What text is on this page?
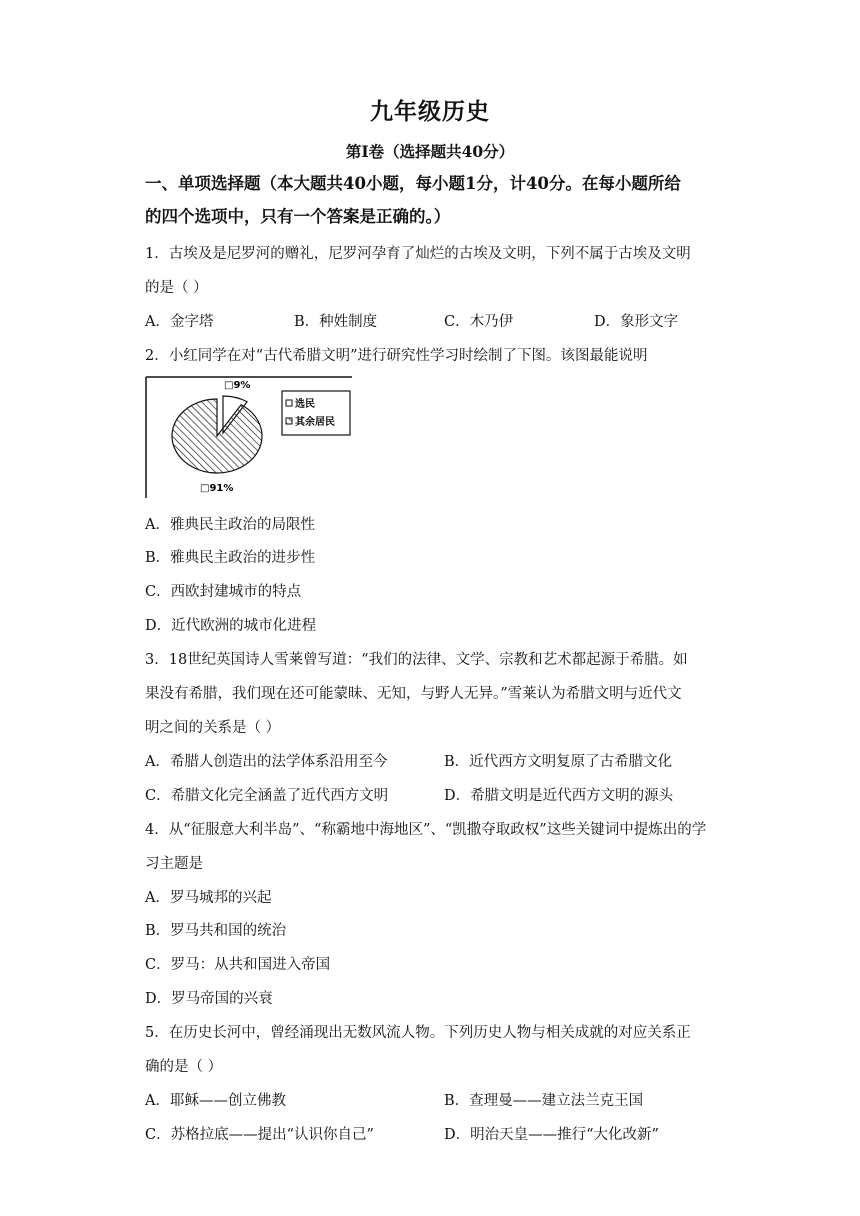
九年级历史
第I卷（选择题共40分）
一、单项选择题（本大题共40小题，每小题1分，计40分。在每小题所给
的四个选项中，只有一个答案是正确的。）
1．古埃及是尼罗河的赠礼，尼罗河孕育了灿烂的古埃及文明，下列不属于古埃及文明
的是（ ）
A．金字塔	B．种姓制度	C．木乃伊	D．象形文字
2．小红同学在对“古代希腊文明”进行研究性学习时绘制了下图。该图最能说明
□9%
□91%
选民
其余居民
A．雅典民主政治的局限性
B．雅典民主政治的进步性
C．西欧封建城市的特点
D．近代欧洲的城市化进程
3．18世纪英国诗人雪莱曾写道：“我们的法律、文学、宗教和艺术都起源于希腊。如
果没有希腊，我们现在还可能蒙昧、无知，与野人无异。”雪莱认为希腊文明与近代文
明之间的关系是（ ）
A．希腊人创造出的法学体系沿用至今	B．近代西方文明复原了古希腊文化
C．希腊文化完全涵盖了近代西方文明	D．希腊文明是近代西方文明的源头
4．从“征服意大利半岛”、“称霸地中海地区”、“凯撒夺取政权”这些关键词中提炼出的学
习主题是
A．罗马城邦的兴起
B．罗马共和国的统治
C．罗马：从共和国进入帝国
D．罗马帝国的兴衰
5．在历史长河中，曾经涌现出无数风流人物。下列历史人物与相关成就的对应关系正
确的是（ ）
A．耶稣——创立佛教	B．查理曼——建立法兰克王国
C．苏格拉底——提出“认识你自己”	D．明治天皇——推行“大化改新”
